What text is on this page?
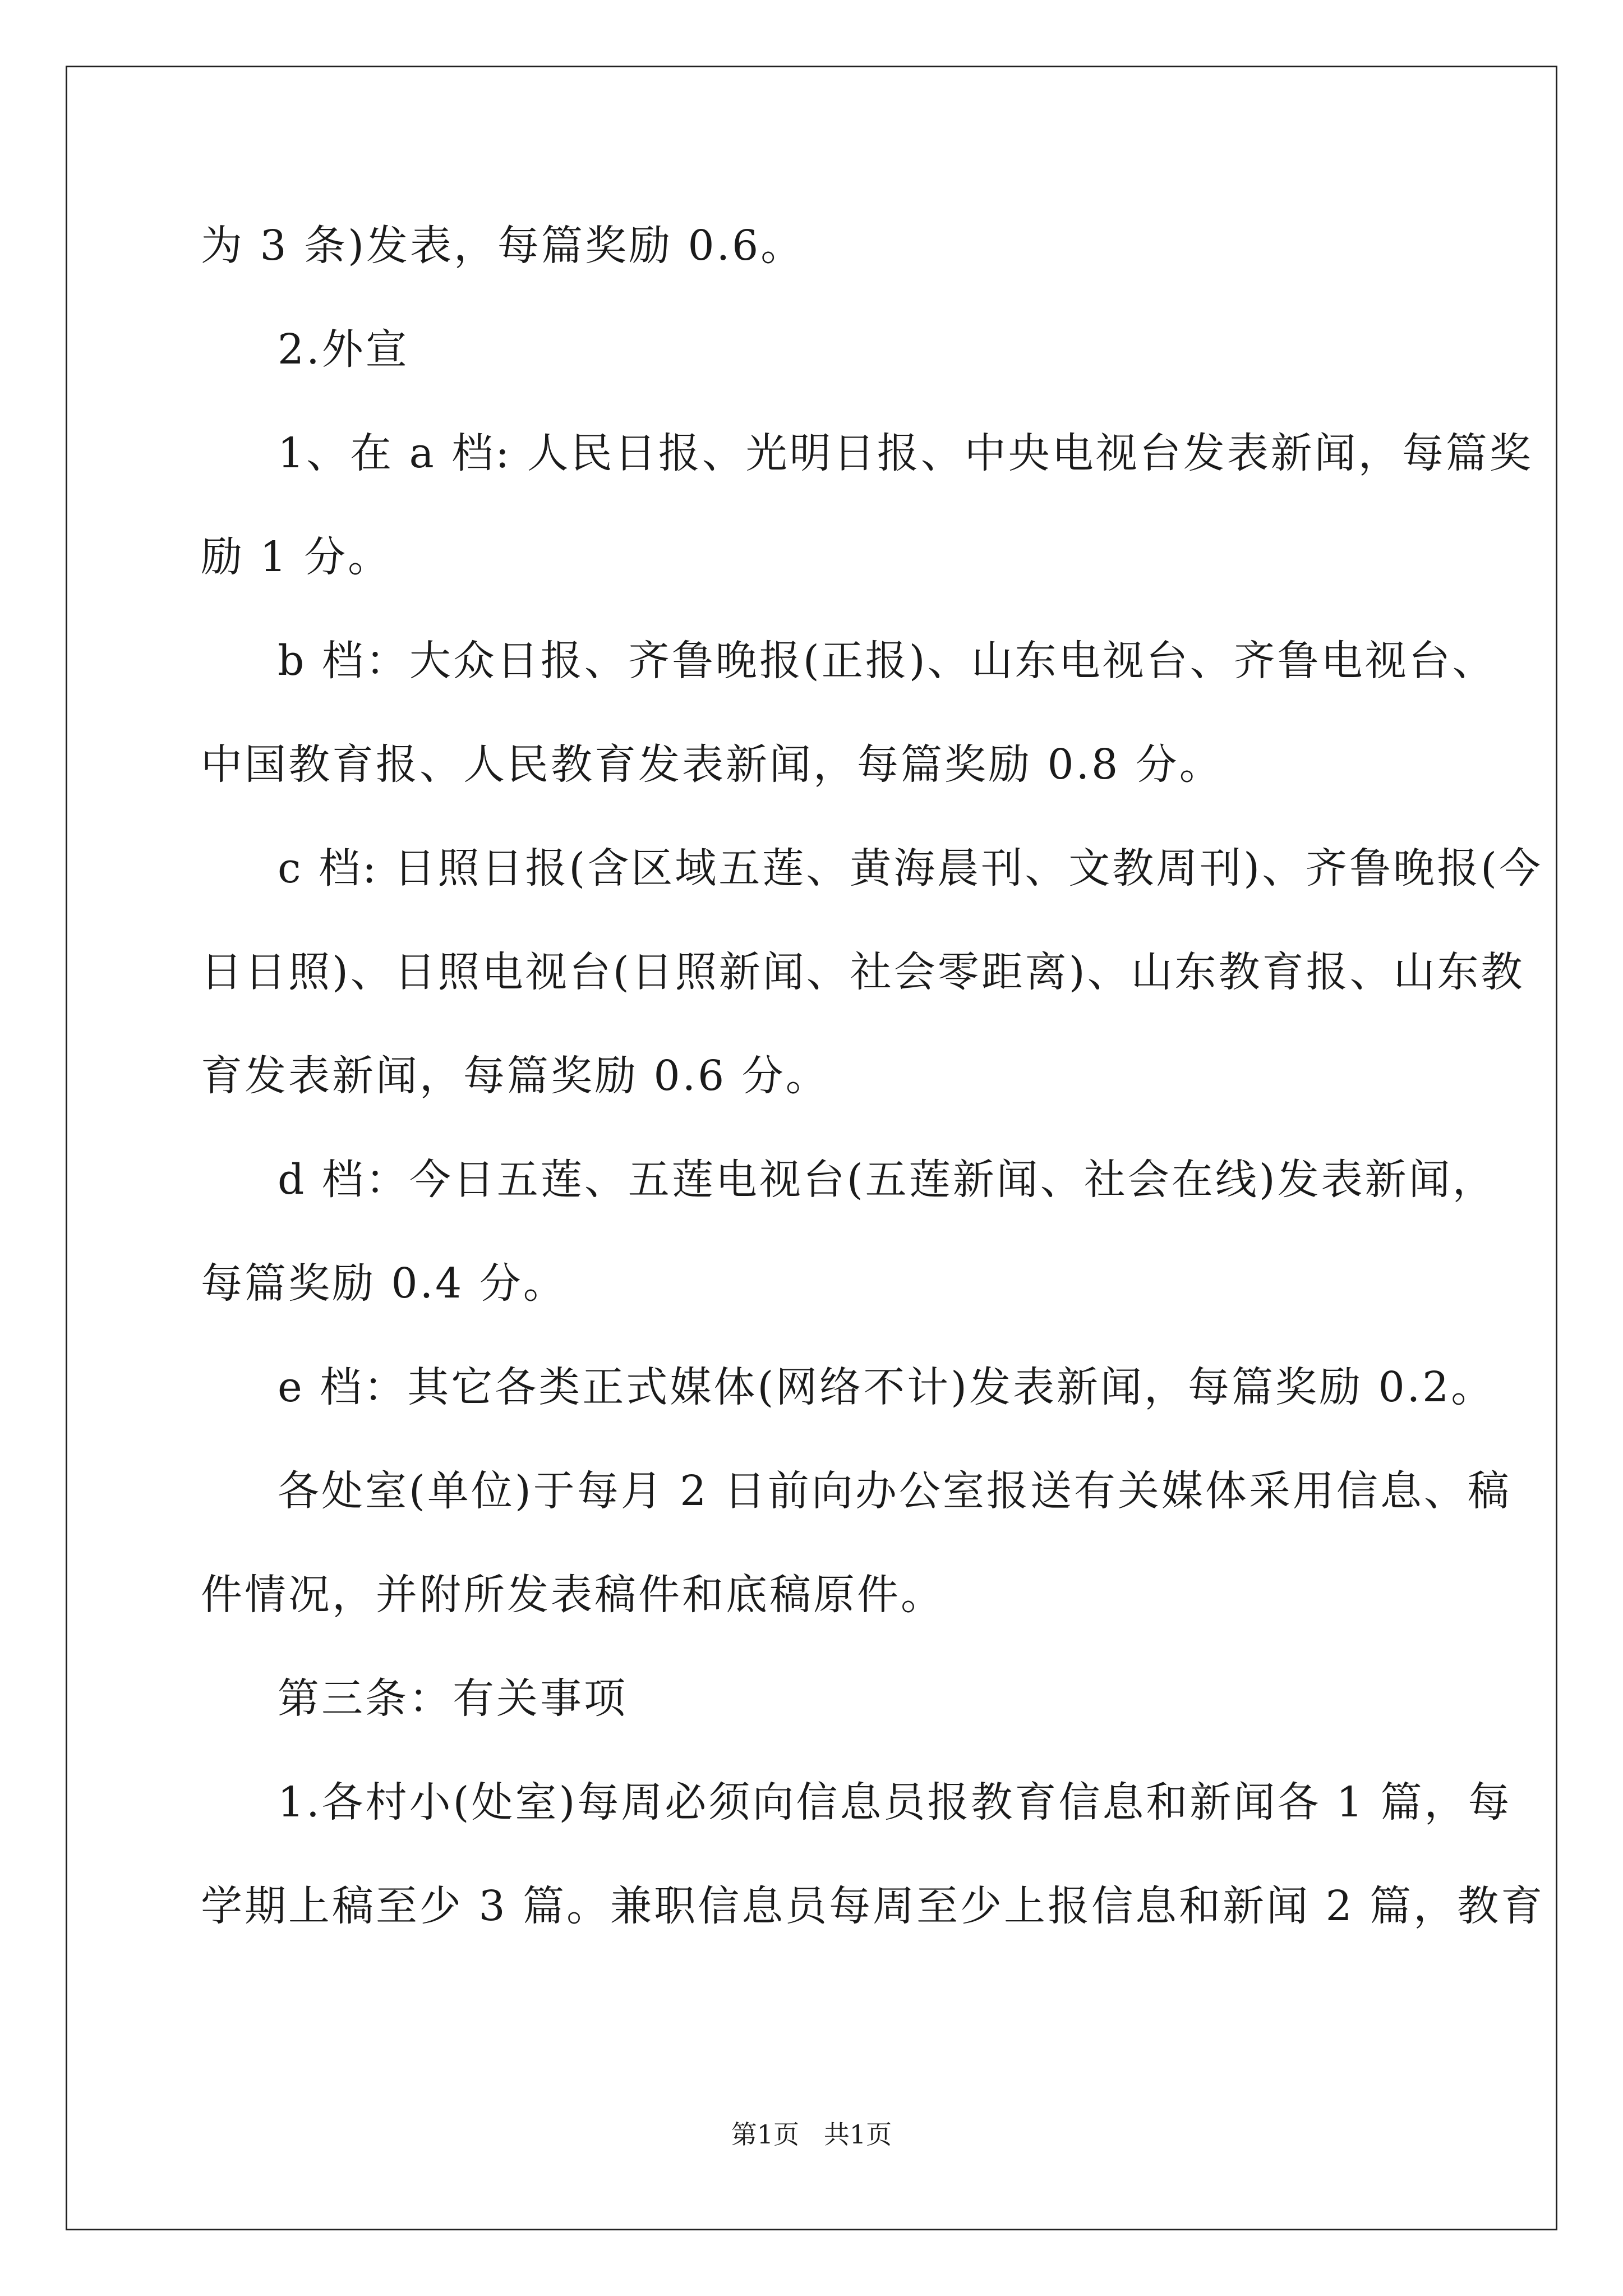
为 3 条)发表，每篇奖励 0.6。
2.外宣
1、在 a 档: 人民日报、光明日报、中央电视台发表新闻，每篇奖
励 1 分。
b 档：大众日报、齐鲁晚报(正报)、山东电视台、齐鲁电视台、
中国教育报、人民教育发表新闻，每篇奖励 0.8 分。
c 档: 日照日报(含区域五莲、黄海晨刊、文教周刊)、齐鲁晚报(今
日日照)、日照电视台(日照新闻、社会零距离)、山东教育报、山东教
育发表新闻，每篇奖励 0.6 分。
d 档：今日五莲、五莲电视台(五莲新闻、社会在线)发表新闻，
每篇奖励 0.4 分。
e 档：其它各类正式媒体(网络不计)发表新闻，每篇奖励 0.2。
各处室(单位)于每月 2 日前向办公室报送有关媒体采用信息、稿
件情况，并附所发表稿件和底稿原件。
第三条：有关事项
1.各村小(处室)每周必须向信息员报教育信息和新闻各 1 篇，每
学期上稿至少 3 篇。兼职信息员每周至少上报信息和新闻 2 篇，教育
第1页   共1页
